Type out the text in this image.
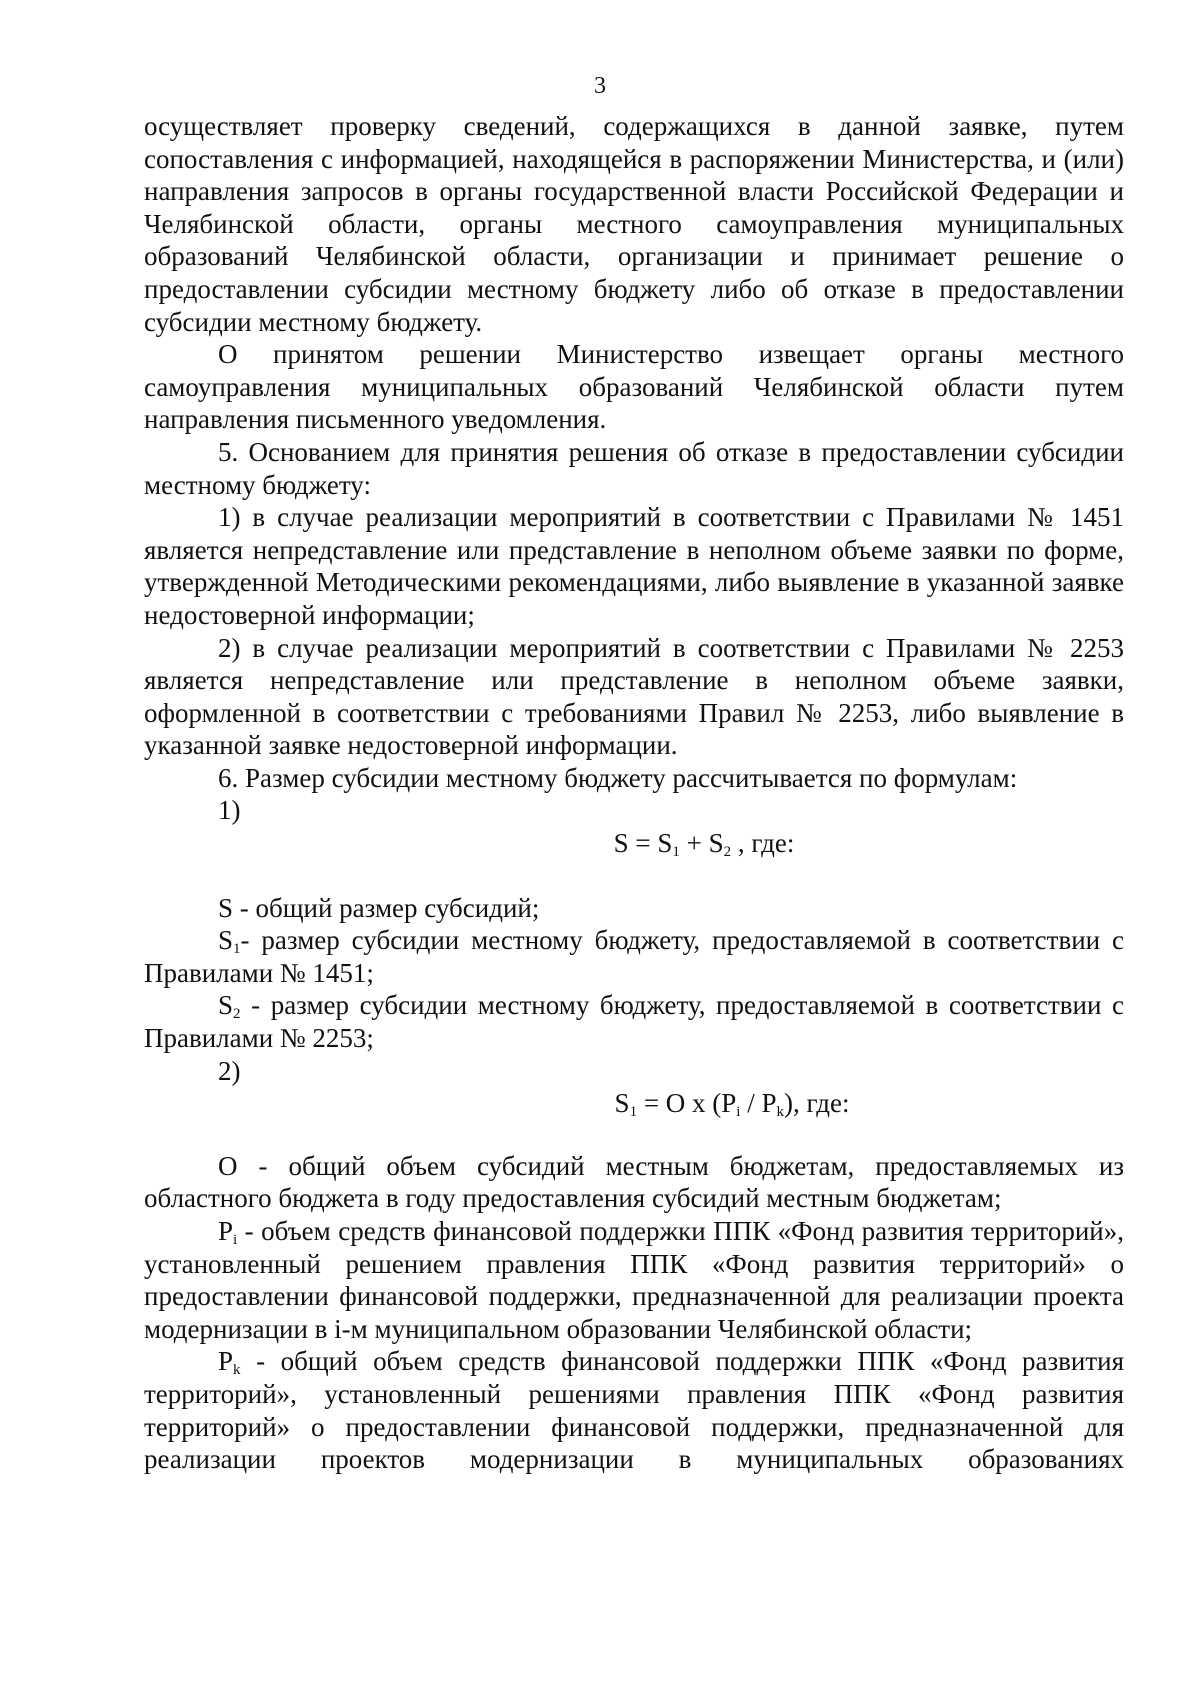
3

осуществляет проверку сведений, содержащихся в данной заявке, путем сопоставления с информацией, находящейся в распоряжении Министерства, и (или) направления запросов в органы государственной власти Российской Федерации и Челябинской области, органы местного самоуправления муниципальных образований Челябинской области, организации и принимает решение о предоставлении субсидии местному бюджету либо об отказе в предоставлении субсидии местному бюджету.

О принятом решении Министерство извещает органы местного самоуправления муниципальных образований Челябинской области путем направления письменного уведомления.

5. Основанием для принятия решения об отказе в предоставлении субсидии местному бюджету:

1) в случае реализации мероприятий в соответствии с Правилами № 1451 является непредставление или представление в неполном объеме заявки по форме, утвержденной Методическими рекомендациями, либо выявление в указанной заявке недостоверной информации;

2) в случае реализации мероприятий в соответствии с Правилами № 2253 является непредставление или представление в неполном объеме заявки, оформленной в соответствии с требованиями Правил № 2253, либо выявление в указанной заявке недостоверной информации.

6. Размер субсидии местному бюджету рассчитывается по формулам:

1)

$S = S_1 + S_2$ , где:

S - общий размер субсидий;

$S_1-$ размер субсидии местному бюджету, предоставляемой в соответствии с Правилами № 1451;

$S_2$ - размер субсидии местному бюджету, предоставляемой в соответствии с Правилами № 2253;

2)

$S_1 = O$ x $(P_i / P_k)$, где:

О - общий объем субсидий местным бюджетам, предоставляемых из областного бюджета в году предоставления субсидий местным бюджетам;

$P_i$ - объем средств финансовой поддержки ППК «Фонд развития территорий», установленный решением правления ППК «Фонд развития территорий» о предоставлении финансовой поддержки, предназначенной для реализации проекта модернизации в i-м муниципальном образовании Челябинской области;

$P_k$ - общий объем средств финансовой поддержки ППК «Фонд развития территорий», установленный решениями правления ППК «Фонд развития территорий» о предоставлении финансовой поддержки, предназначенной для реализации проектов модернизации в муниципальных образованиях
